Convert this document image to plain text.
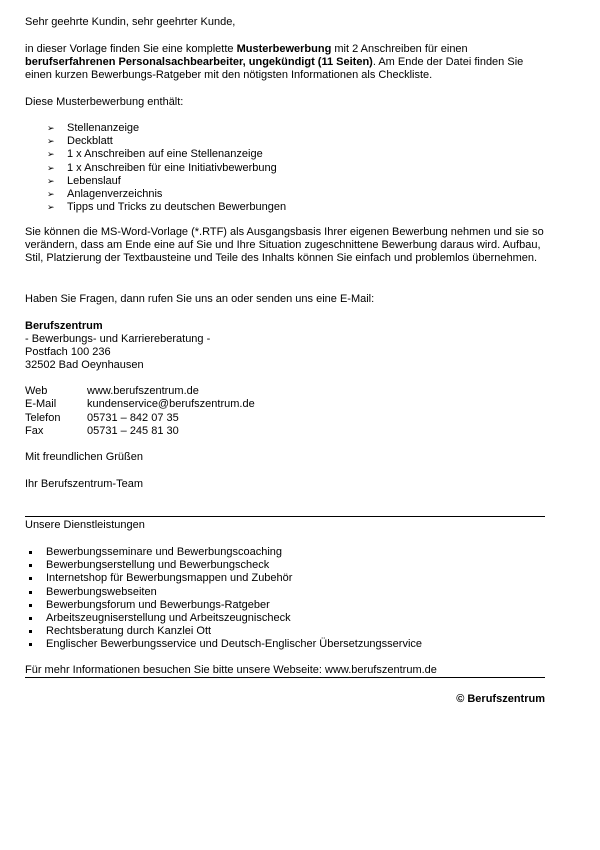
Sehr geehrte Kundin, sehr geehrter Kunde,

in dieser Vorlage finden Sie eine komplette Musterbewerbung mit 2 Anschreiben für einen berufserfahrenen Personalsachbearbeiter, ungekündigt (11 Seiten). Am Ende der Datei finden Sie einen kurzen Bewerbungs-Ratgeber mit den nötigsten Informationen als Checkliste.

Diese Musterbewerbung enthält:

➢ Stellenanzeige
➢ Deckblatt
➢ 1 x Anschreiben auf eine Stellenanzeige
➢ 1 x Anschreiben für eine Initiativbewerbung
➢ Lebenslauf
➢ Anlagenverzeichnis
➢ Tipps und Tricks zu deutschen Bewerbungen

Sie können die MS-Word-Vorlage (*.RTF) als Ausgangsbasis Ihrer eigenen Bewerbung nehmen und sie so verändern, dass am Ende eine auf Sie und Ihre Situation zugeschnittene Bewerbung daraus wird. Aufbau, Stil, Platzierung der Textbausteine und Teile des Inhalts können Sie einfach und problemlos übernehmen.

Haben Sie Fragen, dann rufen Sie uns an oder senden uns eine E-Mail:

Berufszentrum

- Bewerbungs- und Karriereberatung -

Postfach 100 236

32502 Bad Oeynhausen

Web	www.berufszentrum.de
E-Mail	kundenservice@berufszentrum.de
Telefon 05731 – 842 07 35
Fax	05731 – 245 81 30

Mit freundlichen Grüßen

Ihr Berufszentrum-Team

Unsere Dienstleistungen

Bewerbungsseminare und Bewerbungscoaching
Bewerbungserstellung und Bewerbungscheck
Internetshop für Bewerbungsmappen und Zubehör
Bewerbungswebseiten
Bewerbungsforum und Bewerbungs-Ratgeber
Arbeitszeugniserstellung und Arbeitszeugnischeck
Rechtsberatung durch Kanzlei Ott
Englischer Bewerbungsservice und Deutsch-Englischer Übersetzungsservice

Für mehr Informationen besuchen Sie bitte unsere Webseite: www.berufszentrum.de

© Berufszentrum
